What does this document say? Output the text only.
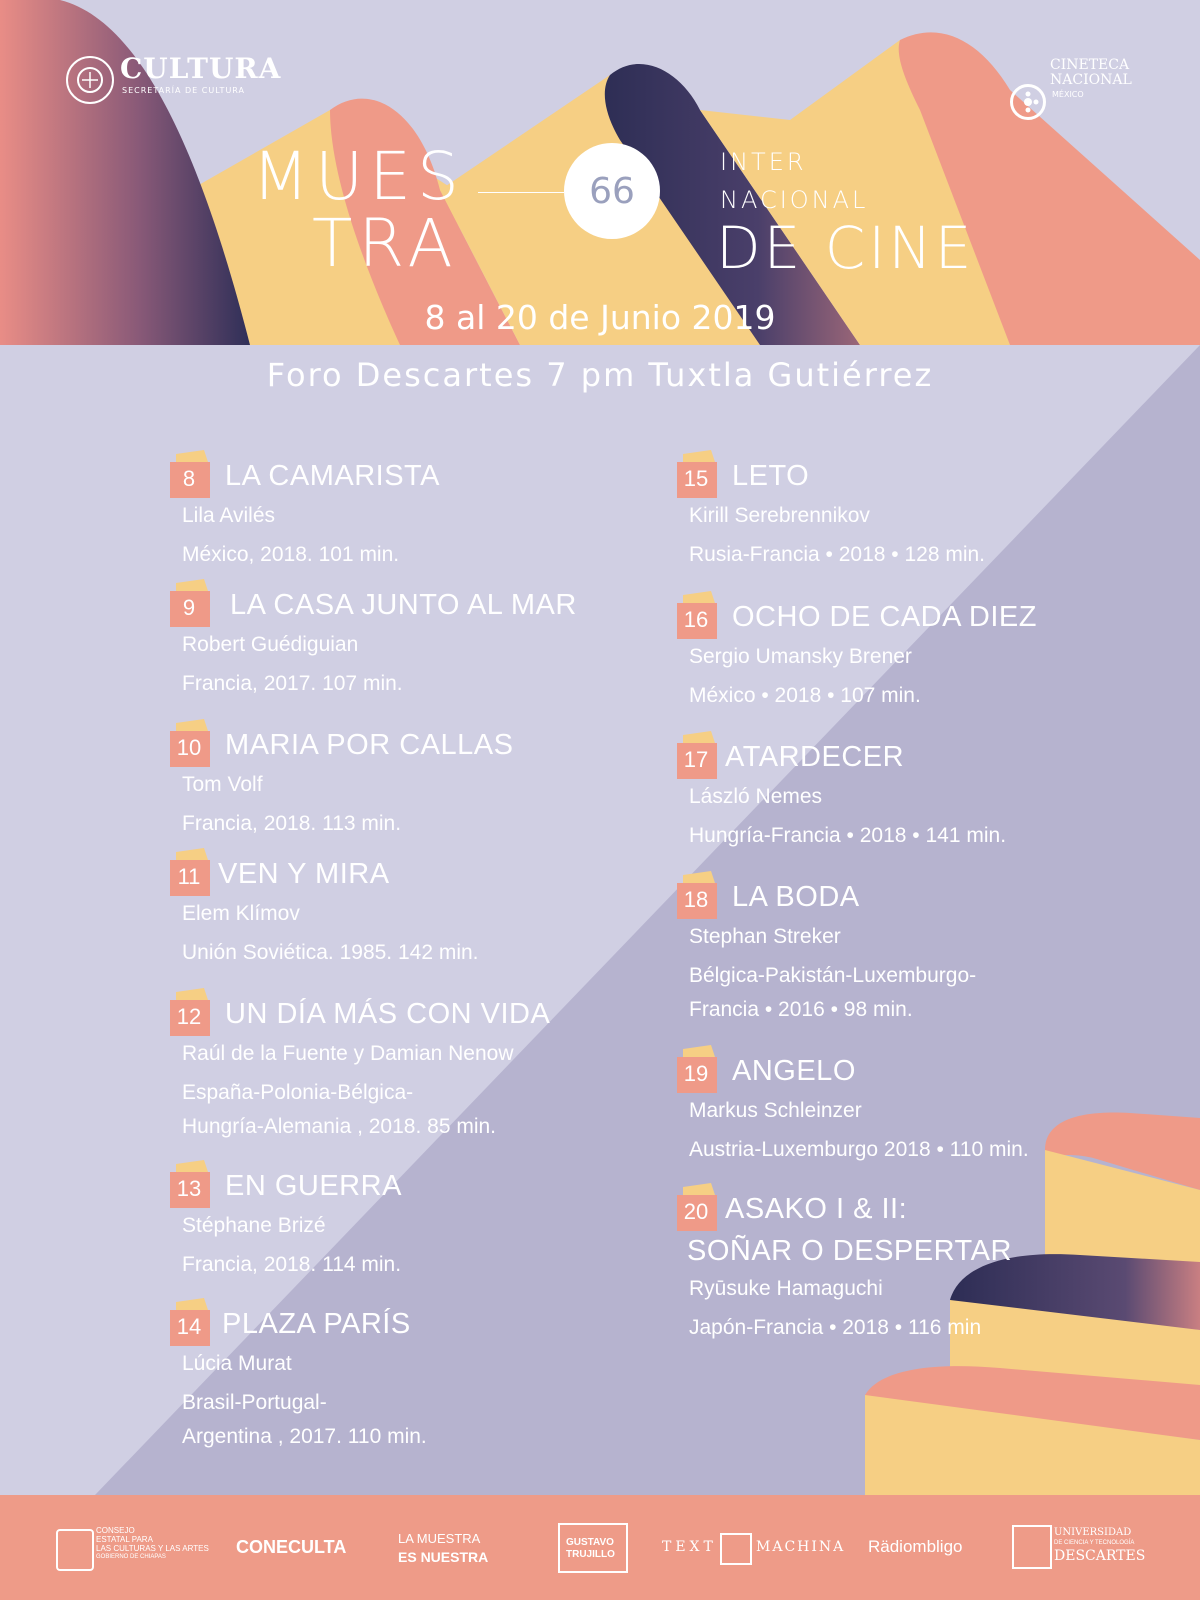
CULTURA
SECRETARÍA DE CULTURA
CINETECA
NACIONAL
MÉXICO
MUES
TRA
66
INTER
NACIONAL
DE CINE
8 al 20 de Junio 2019
Foro Descartes 7 pm Tuxtla Gutiérrez
8	LA CAMARISTA
Lila Avilés
México, 2018. 101 min.
9	LA CASA JUNTO AL MAR
Robert Guédiguian
Francia, 2017. 107 min.
10 MARIA POR CALLAS
Tom Volf
Francia, 2018. 113 min.
11 VEN Y MIRA
Elem Klímov
Unión Soviética. 1985. 142 min.
12 UN DÍA MÁS CON VIDA
Raúl de la Fuente y Damian Nenow
España-Polonia-Bélgica-
Hungría-Alemania , 2018. 85 min.
13 EN GUERRA
Stéphane Brizé
Francia, 2018. 114 min.
14 PLAZA PARÍS
Lúcia Murat
Brasil-Portugal-
Argentina , 2017. 110 min.
15 LETO
Kirill Serebrennikov
Rusia-Francia • 2018 • 128 min.
16 OCHO DE CADA DIEZ
Sergio Umansky Brener
México • 2018 • 107 min.
17 ATARDECER
László Nemes
Hungría-Francia • 2018 • 141 min.
18 LA BODA
Stephan Streker
Bélgica-Pakistán-Luxemburgo-
Francia • 2016 • 98 min.
19 ANGELO
Markus Schleinzer
Austria-Luxemburgo 2018 • 110 min.
20 ASAKO I & II:
SOÑAR O DESPERTAR
Ryūsuke Hamaguchi
Japón-Francia • 2018 • 116 min
CONSEJO
ESTATAL PARA
LAS CULTURAS Y LAS ARTES
GOBIERNO DE CHIAPAS	CONECULTA	LA MUESTRA
ES NUESTRA
GUSTAVO
TRUJILLO	TEXT	MACHINA Rädiombligo
UNIVERSIDAD
DE CIENCIA Y TECNOLOGÍA
DESCARTES
